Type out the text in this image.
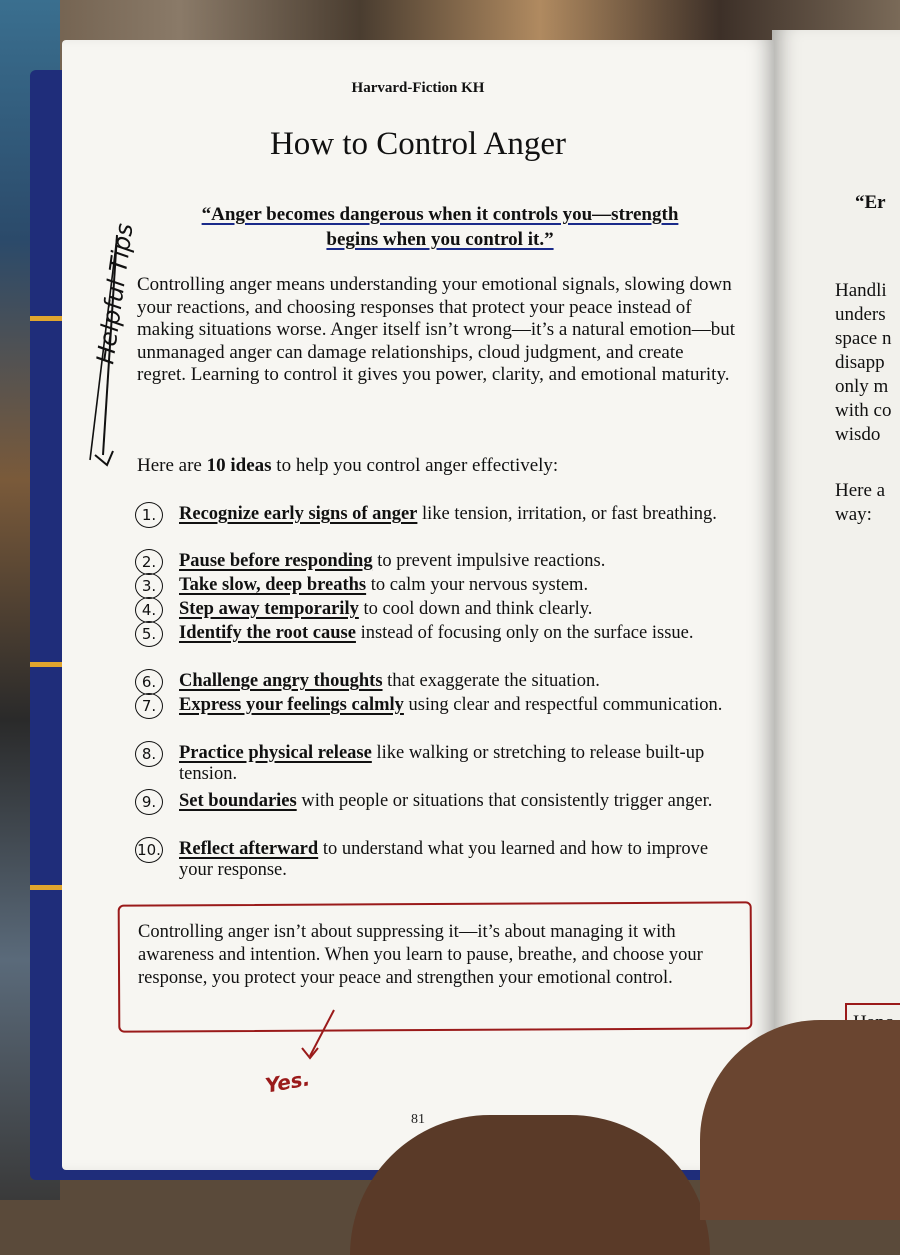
Harvard-Fiction KH
How to Control Anger
“Anger becomes dangerous when it controls you—strength
begins when you control it.”
Controlling anger means understanding your emotional signals, slowing down your reactions, and choosing responses that protect your peace instead of making situations worse. Anger itself isn’t wrong—it’s a natural emotion—but unmanaged anger can damage relationships, cloud judgment, and create regret. Learning to control it gives you power, clarity, and emotional maturity.
Here are 10 ideas to help you control anger effectively:
1.	Recognize early signs of anger like tension, irritation, or fast breathing.
2.	Pause before responding to prevent impulsive reactions.
3.	Take slow, deep breaths to calm your nervous system.
4.	Step away temporarily to cool down and think clearly.
5.	Identify the root cause instead of focusing only on the surface issue.
6.	Challenge angry thoughts that exaggerate the situation.
7.	Express your feelings calmly using clear and respectful communication.
8.	Practice physical release like walking or stretching to release built-up tension.
9.	Set boundaries with people or situations that consistently trigger anger.
10. Reflect afterward to understand what you learned and how to improve your response.
Controlling anger isn’t about suppressing it—it’s about managing it with awareness and intention. When you learn to pause, breathe, and choose your response, you protect your peace and strengthen your emotional control.
81
Helpful Tips
Yes.
“Er
Handli
unders
space n
disapp
only m
with co
wisdo
Here a
way:
